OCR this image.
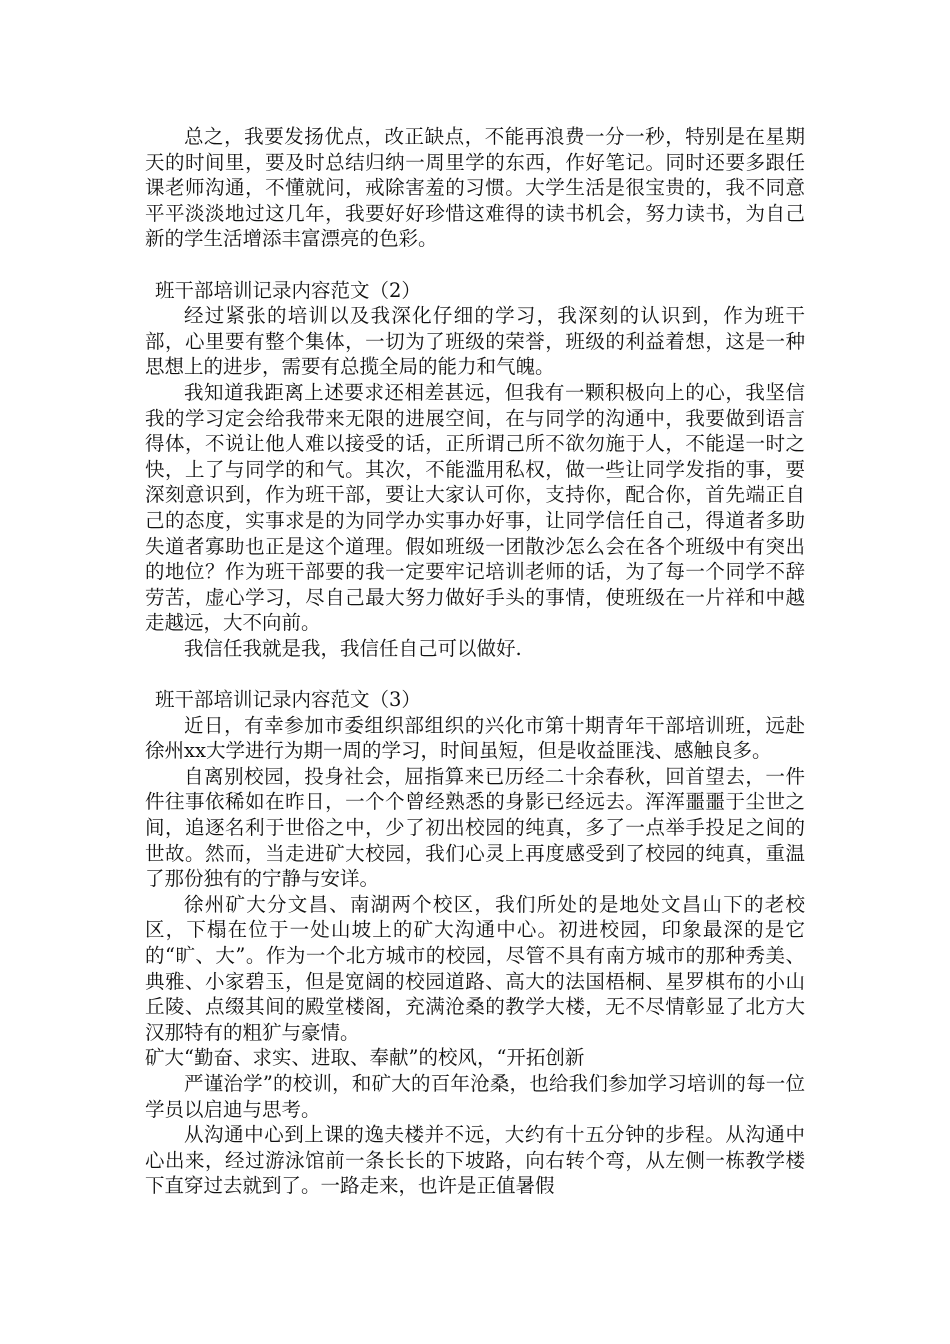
总之，我要发扬优点，改正缺点，不能再浪费一分一秒，特别是在星期天的时间里，要及时总结归纳一周里学的东西，作好笔记。同时还要多跟任课老师沟通，不懂就问，戒除害羞的习惯。大学生活是很宝贵的，我不同意平平淡淡地过这几年，我要好好珍惜这难得的读书机会，努力读书，为自己新的学生活增添丰富漂亮的色彩。

班干部培训记录内容范文（2）

经过紧张的培训以及我深化仔细的学习，我深刻的认识到，作为班干部，心里要有整个集体，一切为了班级的荣誉，班级的利益着想，这是一种思想上的进步，需要有总揽全局的能力和气魄。

我知道我距离上述要求还相差甚远，但我有一颗积极向上的心，我坚信我的学习定会给我带来无限的进展空间，在与同学的沟通中，我要做到语言得体，不说让他人难以接受的话，正所谓己所不欲勿施于人，不能逞一时之快，上了与同学的和气。其次，不能滥用私权，做一些让同学发指的事，要深刻意识到，作为班干部，要让大家认可你，支持你，配合你，首先端正自己的态度，实事求是的为同学办实事办好事，让同学信任自己，得道者多助失道者寡助也正是这个道理。假如班级一团散沙怎么会在各个班级中有突出的地位？作为班干部要的我一定要牢记培训老师的话，为了每一个同学不辞劳苦，虚心学习，尽自己最大努力做好手头的事情，使班级在一片祥和中越走越远，大不向前。

我信任我就是我，我信任自己可以做好.

班干部培训记录内容范文（3）

近日，有幸参加市委组织部组织的兴化市第十期青年干部培训班，远赴徐州xx大学进行为期一周的学习，时间虽短，但是收益匪浅、感触良多。

自离别校园，投身社会，屈指算来已历经二十余春秋，回首望去，一件件往事依稀如在昨日，一个个曾经熟悉的身影已经远去。浑浑噩噩于尘世之间，追逐名利于世俗之中，少了初出校园的纯真，多了一点举手投足之间的世故。然而，当走进矿大校园，我们心灵上再度感受到了校园的纯真，重温了那份独有的宁静与安详。

徐州矿大分文昌、南湖两个校区，我们所处的是地处文昌山下的老校区，下榻在位于一处山坡上的矿大沟通中心。初进校园，印象最深的是它的“旷、大”。作为一个北方城市的校园，尽管不具有南方城市的那种秀美、典雅、小家碧玉，但是宽阔的校园道路、高大的法国梧桐、星罗棋布的小山丘陵、点缀其间的殿堂楼阁，充满沧桑的教学大楼，无不尽情彰显了北方大汉那特有的粗犷与豪情。

矿大“勤奋、求实、进取、奉献”的校风，“开拓创新

严谨治学”的校训，和矿大的百年沧桑，也给我们参加学习培训的每一位学员以启迪与思考。

从沟通中心到上课的逸夫楼并不远，大约有十五分钟的步程。从沟通中心出来，经过游泳馆前一条长长的下坡路，向右转个弯，从左侧一栋教学楼下直穿过去就到了。一路走来，也许是正值暑假
